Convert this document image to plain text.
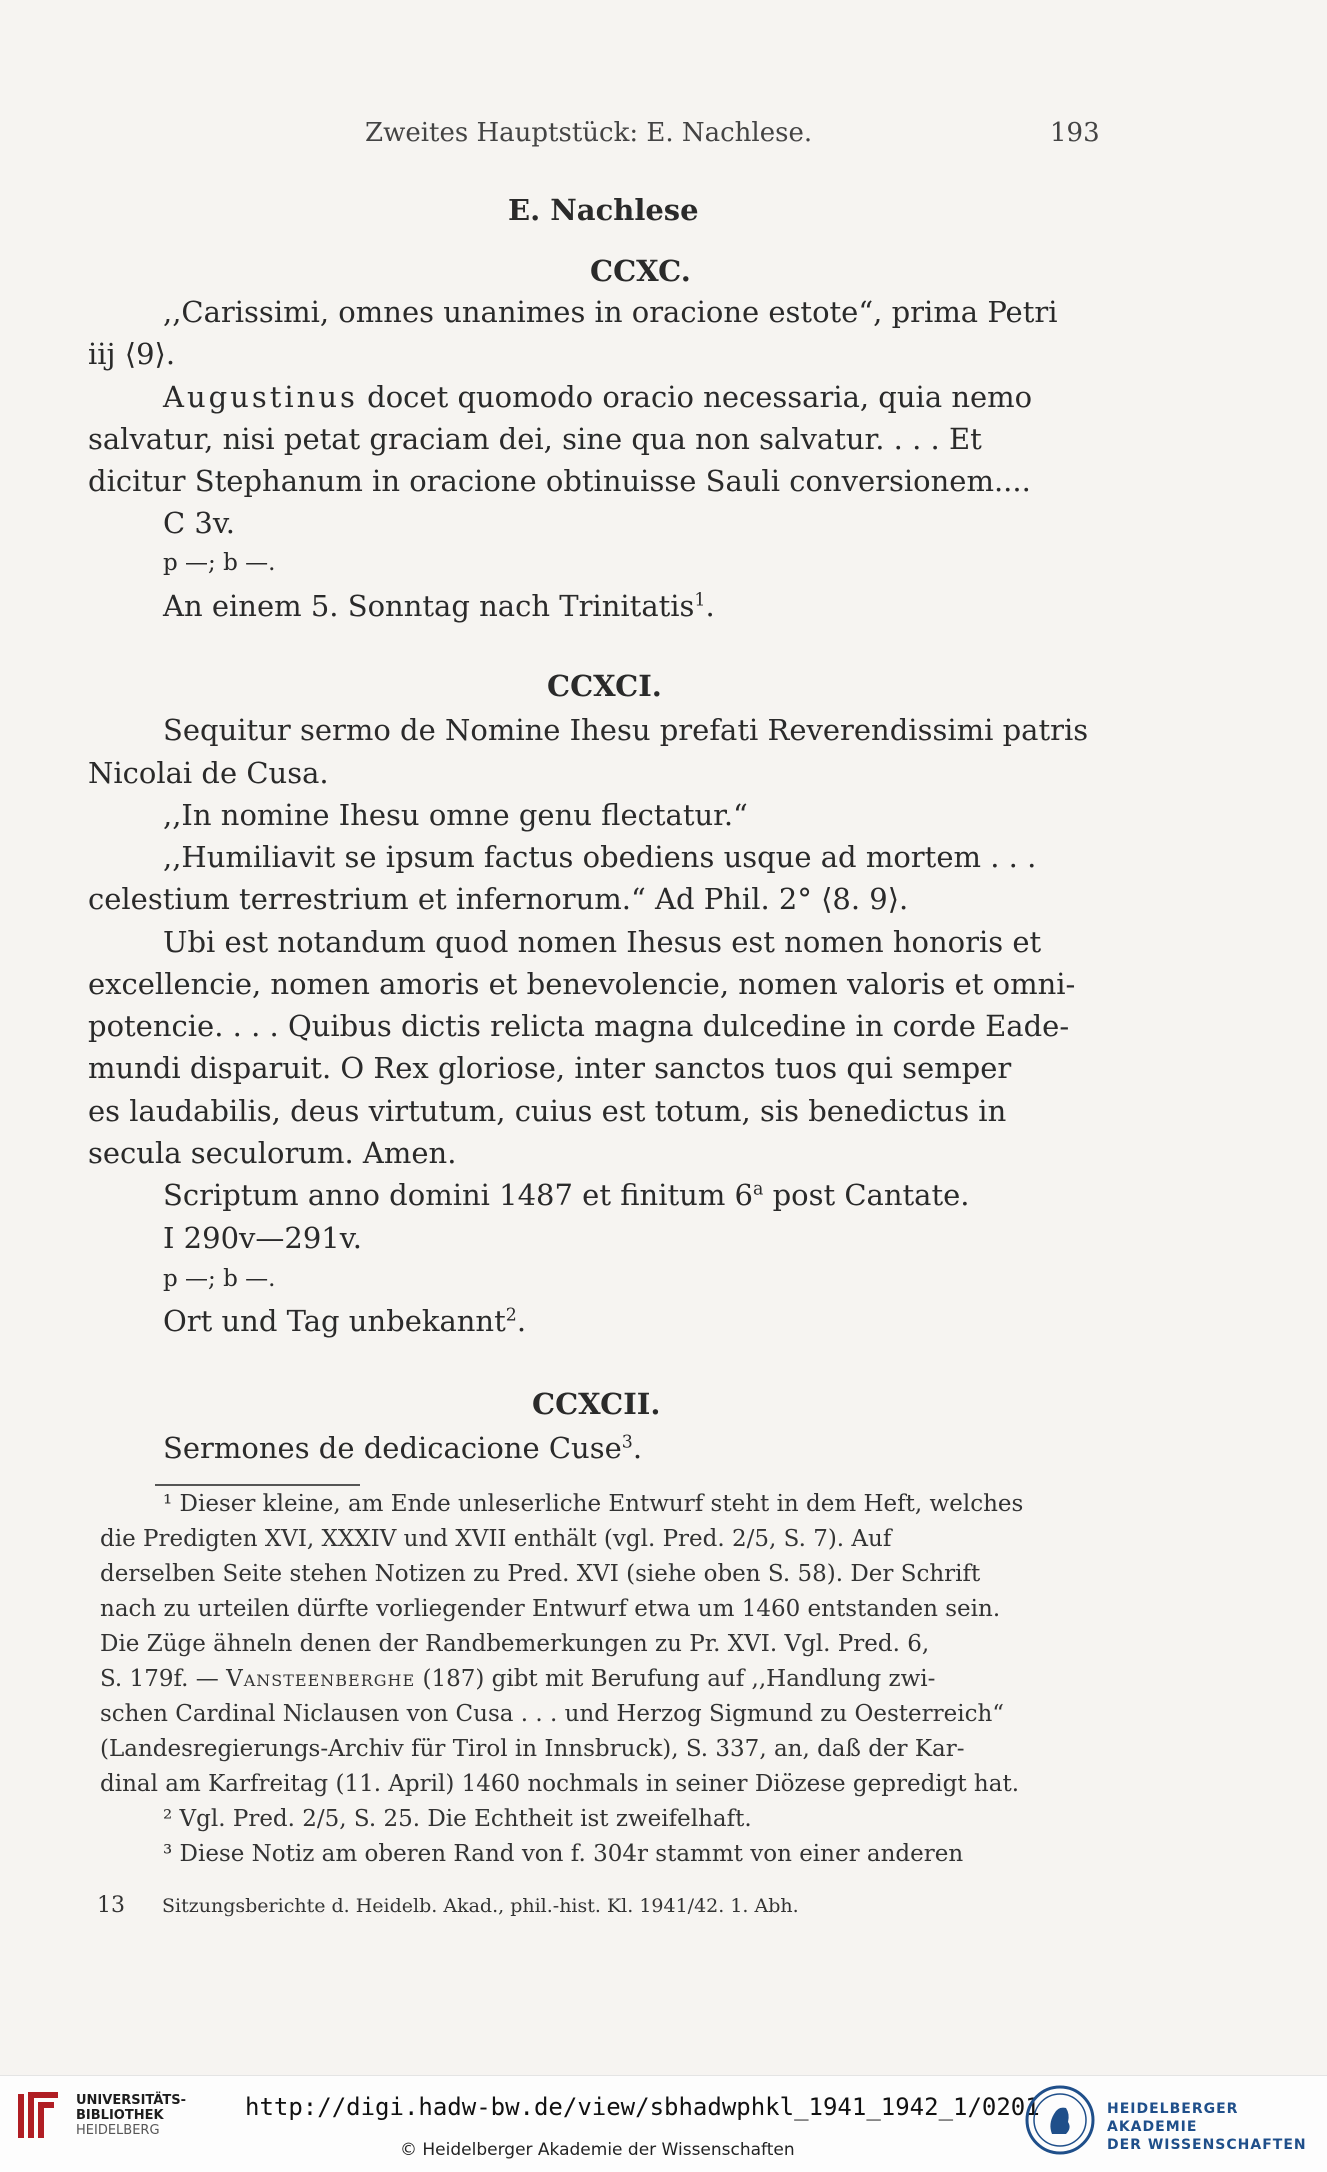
Zweites Hauptstück: E. Nachlese.	193
E. Nachlese
CCXC.
,,Carissimi, omnes unanimes in oracione estote“, prima Petri
iij ⟨9⟩.
Augustinus docet quomodo oracio necessaria, quia nemo
salvatur, nisi petat graciam dei, sine qua non salvatur. . . . Et
dicitur Stephanum in oracione obtinuisse Sauli conversionem....
C 3v.
p —; b —.
An einem 5. Sonntag nach Trinitatis$^1$.
CCXCI.
Sequitur sermo de Nomine Ihesu prefati Reverendissimi patris
Nicolai de Cusa.
,,In nomine Ihesu omne genu flectatur.“
,,Humiliavit se ipsum factus obediens usque ad mortem . . .
celestium terrestrium et infernorum.“ Ad Phil. 2° ⟨8. 9⟩.
Ubi est notandum quod nomen Ihesus est nomen honoris et
excellencie, nomen amoris et benevolencie, nomen valoris et omni-
potencie. . . . Quibus dictis relicta magna dulcedine in corde Eade-
mundi disparuit. O Rex gloriose, inter sanctos tuos qui semper
es laudabilis, deus virtutum, cuius est totum, sis benedictus in
secula seculorum. Amen.
Scriptum anno domini 1487 et finitum 6$^a$ post Cantate.
I 290v—291v.
p —; b —.
Ort und Tag unbekannt$^2$.
CCXCII.
Sermones de dedicacione Cuse$^3$.
¹ Dieser kleine, am Ende unleserliche Entwurf steht in dem Heft, welches
die Predigten XVI, XXXIV und XVII enthält (vgl. Pred. 2/5, S. 7). Auf
derselben Seite stehen Notizen zu Pred. XVI (siehe oben S. 58). Der Schrift
nach zu urteilen dürfte vorliegender Entwurf etwa um 1460 entstanden sein.
Die Züge ähneln denen der Randbemerkungen zu Pr. XVI. Vgl. Pred. 6,
S. 179f. — Vansteenberghe (187) gibt mit Berufung auf ,,Handlung zwi-
schen Cardinal Niclausen von Cusa . . . und Herzog Sigmund zu Oesterreich“
(Landesregierungs-Archiv für Tirol in Innsbruck), S. 337, an, daß der Kar-
dinal am Karfreitag (11. April) 1460 nochmals in seiner Diözese gepredigt hat.
² Vgl. Pred. 2/5, S. 25. Die Echtheit ist zweifelhaft.
³ Diese Notiz am oberen Rand von f. 304r stammt von einer anderen
13 Sitzungsberichte d. Heidelb. Akad., phil.-hist. Kl. 1941/42. 1. Abh.
UNIVERSITÄTS-
BIBLIOTHEK
HEIDELBERG
http://digi.hadw-bw.de/view/sbhadwphkl_1941_1942_1/0201
© Heidelberger Akademie der Wissenschaften
HEIDELBERGER AKADEMIE
DER WISSENSCHAFTEN
